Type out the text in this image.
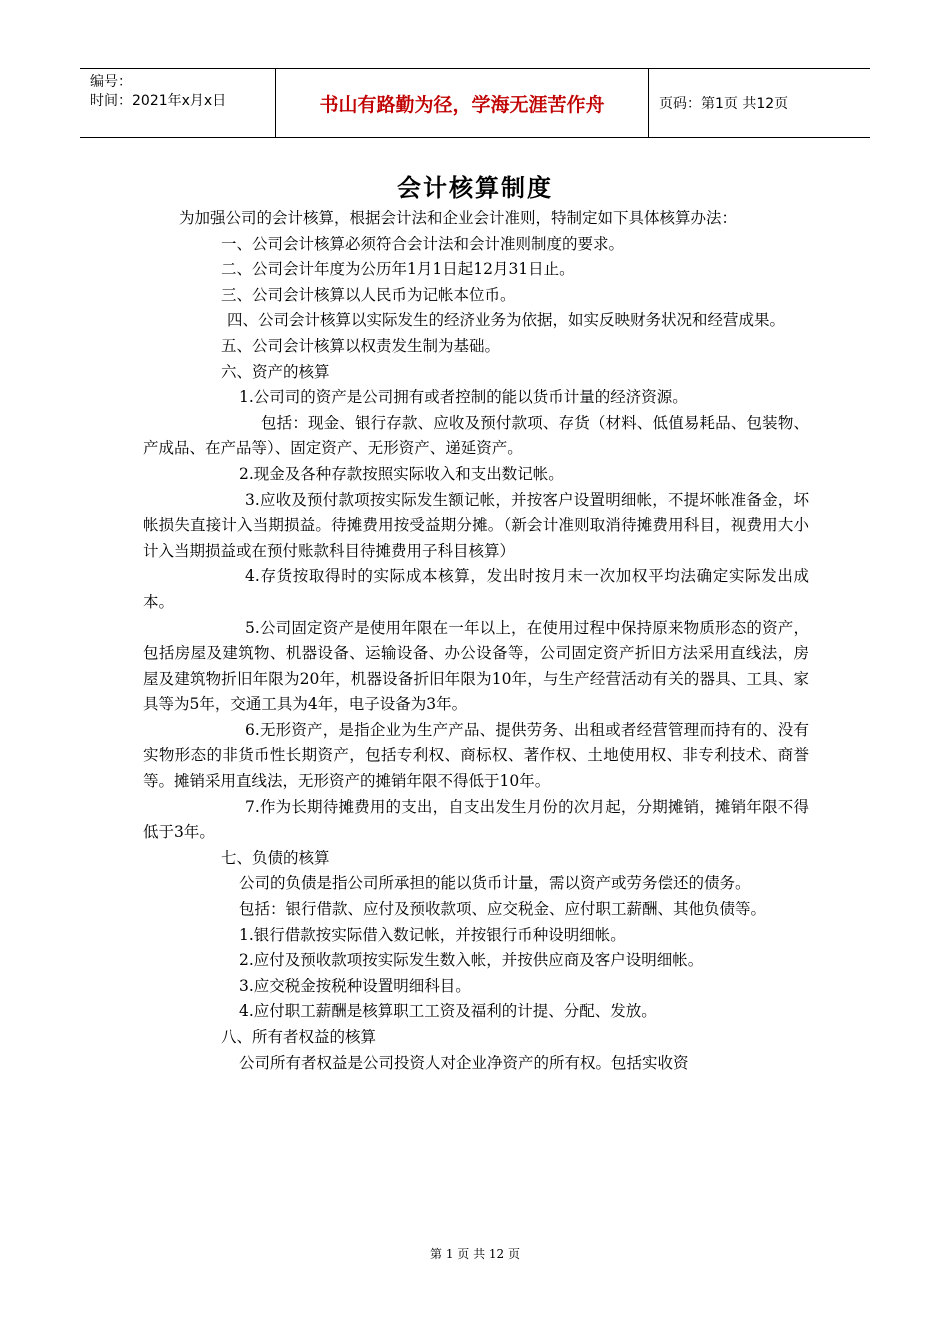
编号：
时间：2021年x月x日	书山有路勤为径，学海无涯苦作舟	页码：第1页 共12页
会计核算制度

为加强公司的会计核算，根据会计法和企业会计准则，特制定如下具体核算办法：

一、公司会计核算必须符合会计法和会计准则制度的要求。

二、公司会计年度为公历年1月1日起12月31日止。

三、公司会计核算以人民币为记帐本位币。

四、公司会计核算以实际发生的经济业务为依据，如实反映财务状况和经营成果。

五、公司会计核算以权责发生制为基础。

六、资产的核算

1.公司司的资产是公司拥有或者控制的能以货币计量的经济资源。

包括：现金、银行存款、应收及预付款项、存货（材料、低值易耗品、包装物、产成品、在产品等）、固定资产、无形资产、递延资产。

2.现金及各种存款按照实际收入和支出数记帐。

3.应收及预付款项按实际发生额记帐，并按客户设置明细帐，不提坏帐准备金，坏帐损失直接计入当期损益。待摊费用按受益期分摊。（新会计准则取消待摊费用科目，视费用大小计入当期损益或在预付账款科目待摊费用子科目核算）

4.存货按取得时的实际成本核算，发出时按月末一次加权平均法确定实际发出成本。

5.公司固定资产是使用年限在一年以上，在使用过程中保持原来物质形态的资产，包括房屋及建筑物、机器设备、运输设备、办公设备等，公司固定资产折旧方法采用直线法，房屋及建筑物折旧年限为20年，机器设备折旧年限为10年，与生产经营活动有关的器具、工具、家具等为5年，交通工具为4年，电子设备为3年。

6.无形资产，是指企业为生产产品、提供劳务、出租或者经营管理而持有的、没有实物形态的非货币性长期资产，包括专利权、商标权、著作权、土地使用权、非专利技术、商誉等。摊销采用直线法，无形资产的摊销年限不得低于10年。

7.作为长期待摊费用的支出，自支出发生月份的次月起，分期摊销，摊销年限不得低于3年。

七、负债的核算

公司的负债是指公司所承担的能以货币计量，需以资产或劳务偿还的债务。

包括：银行借款、应付及预收款项、应交税金、应付职工薪酬、其他负债等。

1.银行借款按实际借入数记帐，并按银行币种设明细帐。

2.应付及预收款项按实际发生数入帐，并按供应商及客户设明细帐。

3.应交税金按税种设置明细科目。

4.应付职工薪酬是核算职工工资及福利的计提、分配、发放。

八、所有者权益的核算

公司所有者权益是公司投资人对企业净资产的所有权。包括实收资

第 1 页 共 12 页
